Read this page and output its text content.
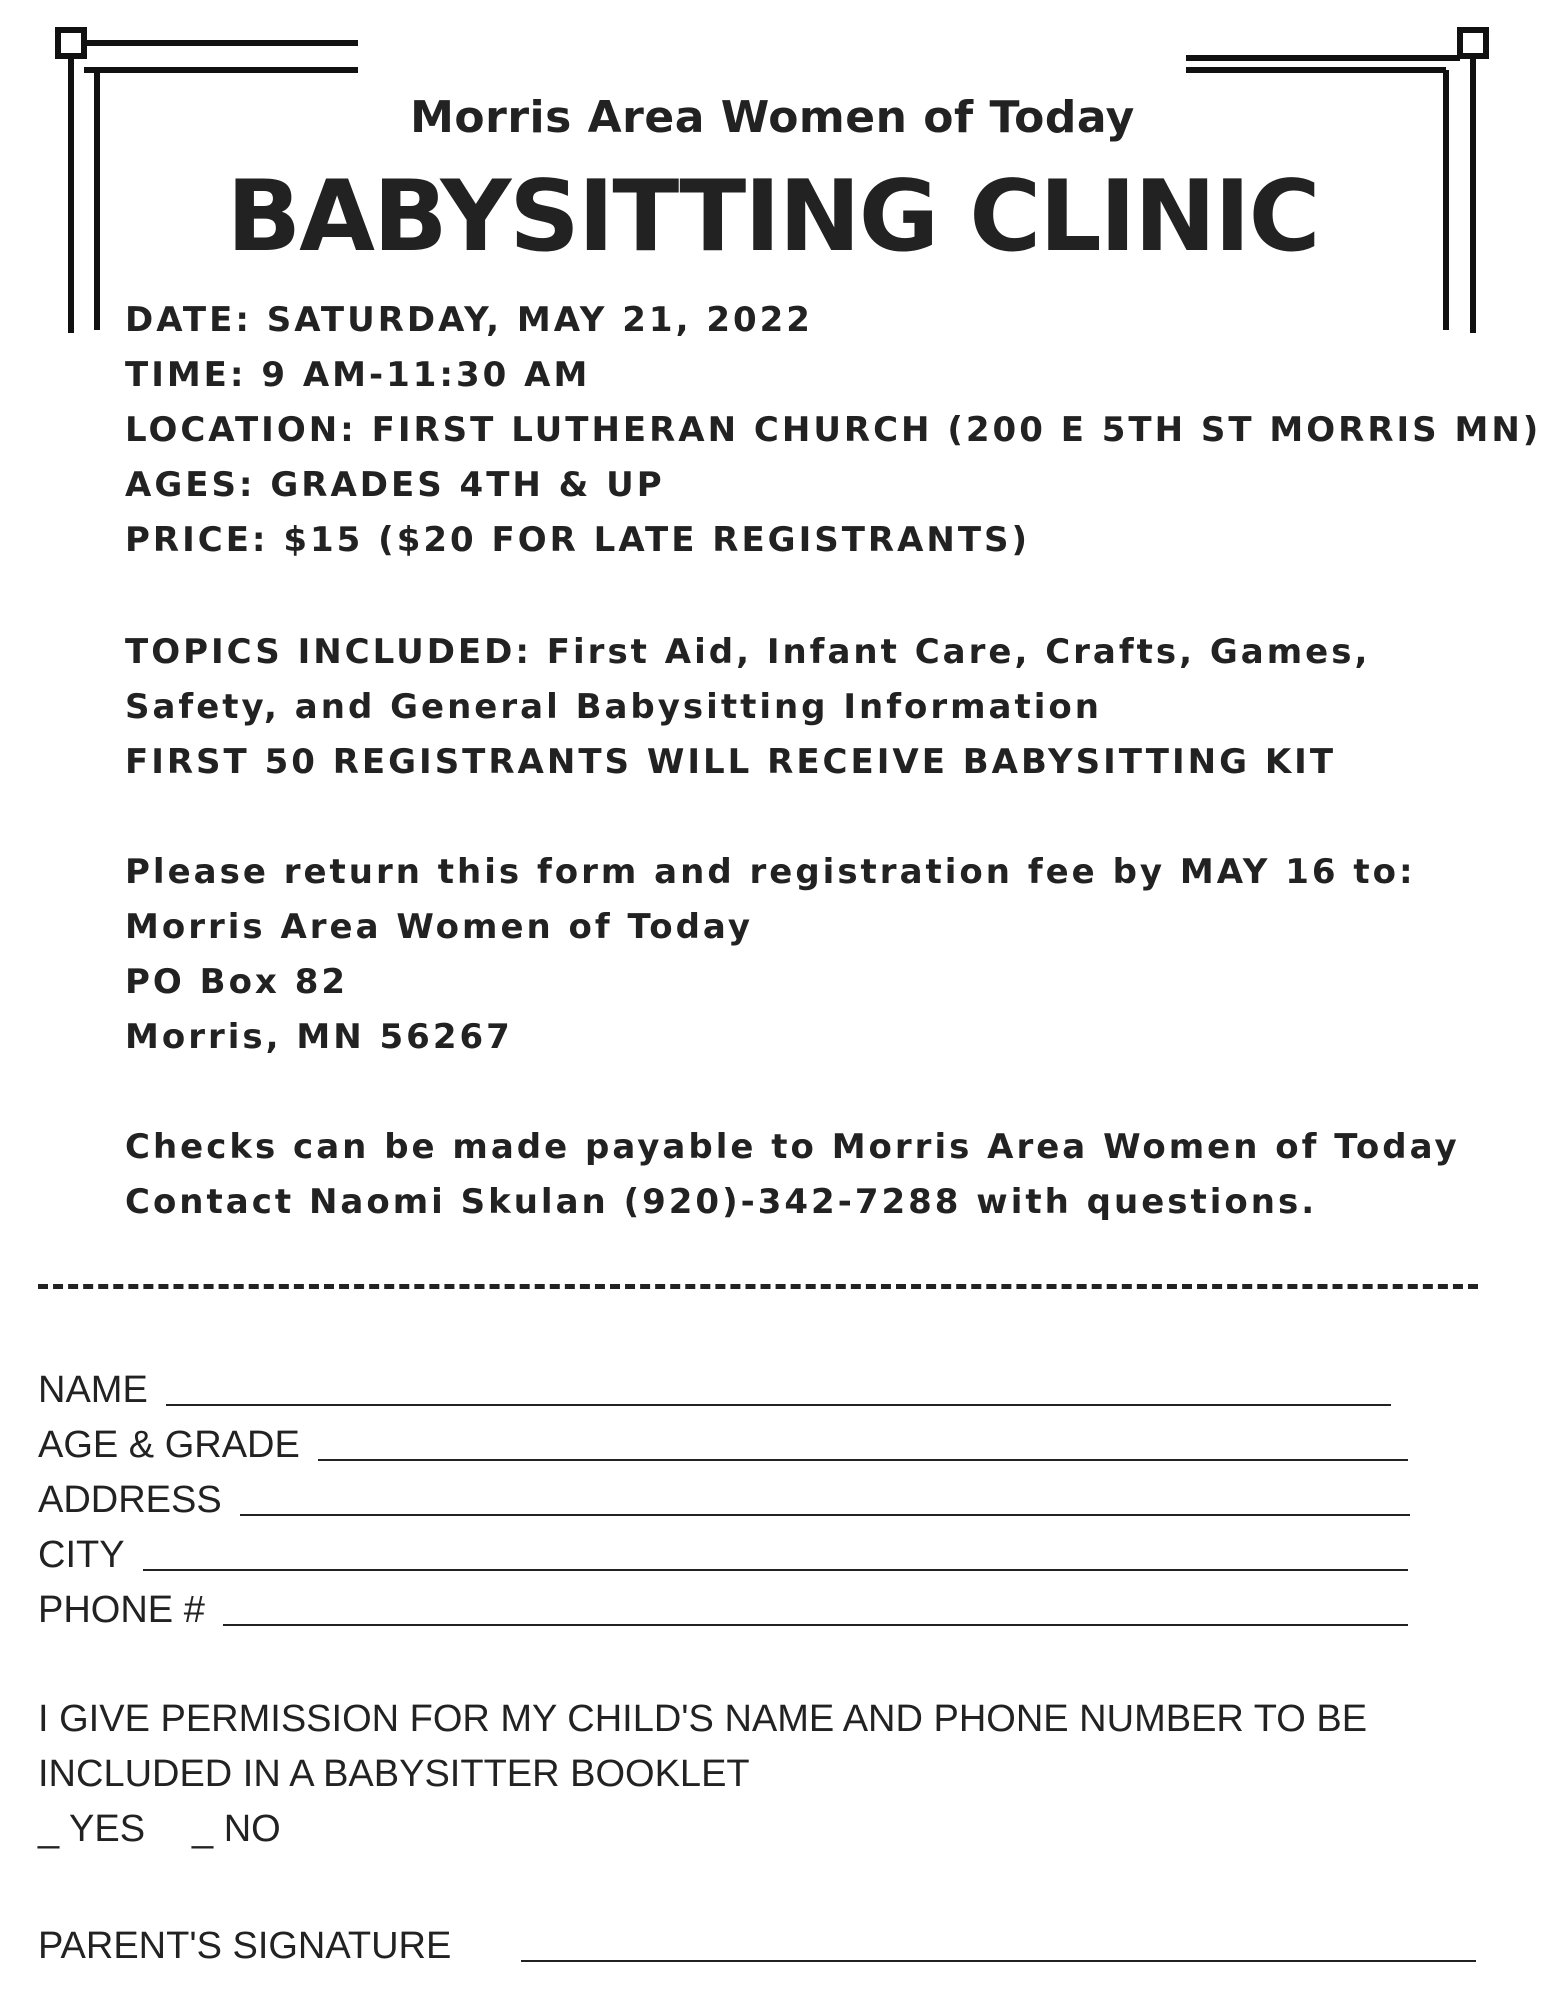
Morris Area Women of Today
BABYSITTING CLINIC
DATE: SATURDAY, MAY 21, 2022
TIME: 9 AM-11:30 AM
LOCATION: FIRST LUTHERAN CHURCH (200 E 5TH ST MORRIS MN)
AGES: GRADES 4TH & UP
PRICE: $15 ($20 FOR LATE REGISTRANTS)
TOPICS INCLUDED: First Aid, Infant Care, Crafts, Games,
Safety, and General Babysitting Information
FIRST 50 REGISTRANTS WILL RECEIVE BABYSITTING KIT
Please return this form and registration fee by MAY 16 to:
Morris Area Women of Today
PO Box 82
Morris, MN 56267
Checks can be made payable to Morris Area Women of Today
Contact Naomi Skulan (920)-342-7288 with questions.
NAME
AGE & GRADE
ADDRESS
CITY
PHONE #
I GIVE PERMISSION FOR MY CHILD'S NAME AND PHONE NUMBER TO BE
INCLUDED IN A BABYSITTER BOOKLET
_ YES _ NO
PARENT'S SIGNATURE
